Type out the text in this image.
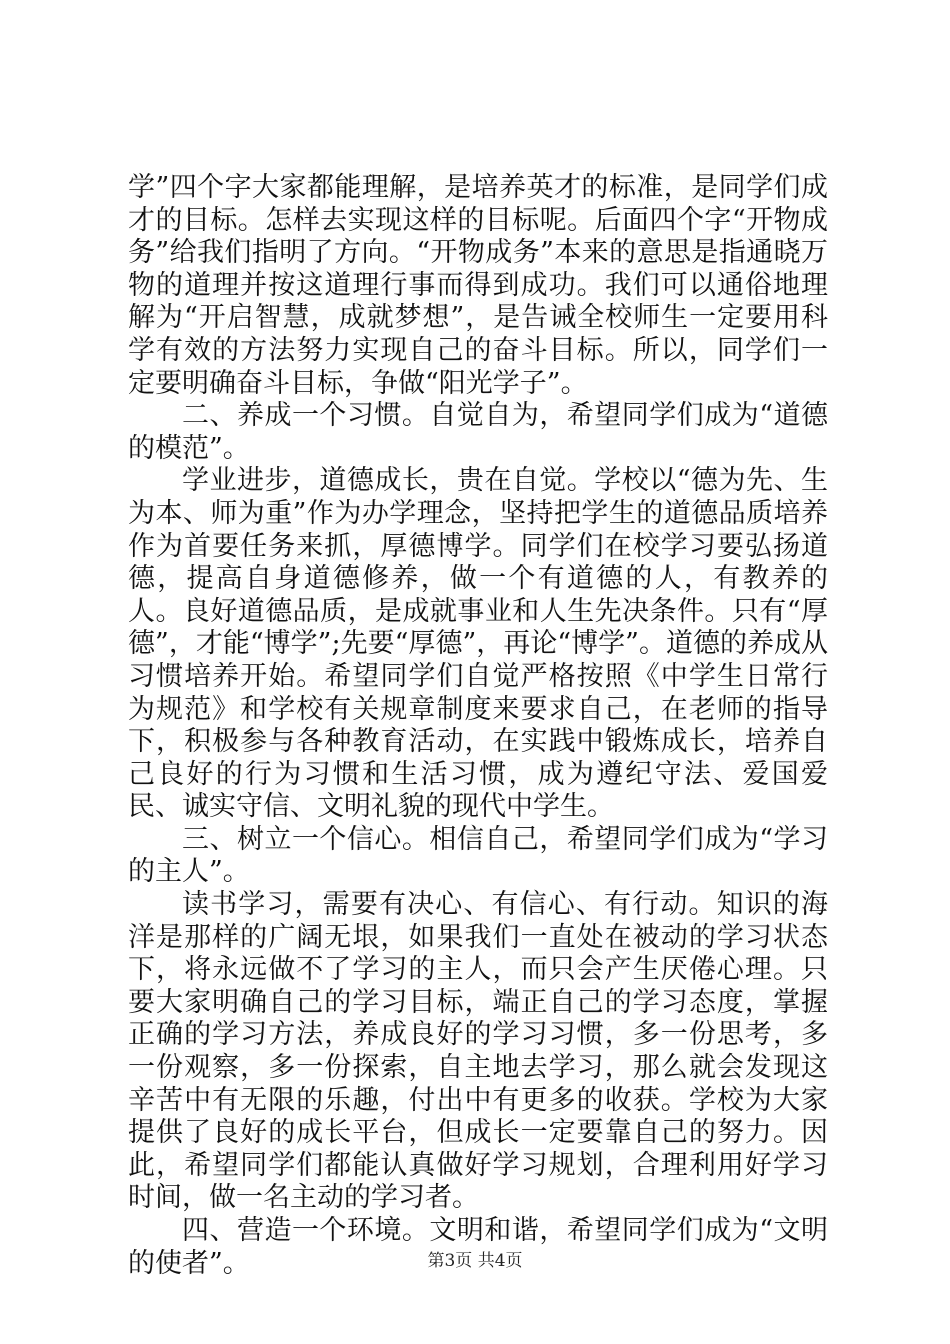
学”四个字大家都能理解，是培养英才的标准，是同学们成才的目标。怎样去实现这样的目标呢。后面四个字“开物成务”给我们指明了方向。“开物成务”本来的意思是指通晓万物的道理并按这道理行事而得到成功。我们可以通俗地理解为“开启智慧，成就梦想”，是告诫全校师生一定要用科学有效的方法努力实现自己的奋斗目标。所以，同学们一定要明确奋斗目标，争做“阳光学子”。

二、养成一个习惯。自觉自为，希望同学们成为“道德的模范”。

学业进步，道德成长，贵在自觉。学校以“德为先、生为本、师为重”作为办学理念，坚持把学生的道德品质培养作为首要任务来抓，厚德博学。同学们在校学习要弘扬道德，提高自身道德修养，做一个有道德的人，有教养的人。良好道德品质，是成就事业和人生先决条件。只有“厚德”，才能“博学”;先要“厚德”，再论“博学”。道德的养成从习惯培养开始。希望同学们自觉严格按照《中学生日常行为规范》和学校有关规章制度来要求自己，在老师的指导下，积极参与各种教育活动，在实践中锻炼成长，培养自己良好的行为习惯和生活习惯，成为遵纪守法、爱国爱民、诚实守信、文明礼貌的现代中学生。

三、树立一个信心。相信自己，希望同学们成为“学习的主人”。

读书学习，需要有决心、有信心、有行动。知识的海洋是那样的广阔无垠，如果我们一直处在被动的学习状态下，将永远做不了学习的主人，而只会产生厌倦心理。只要大家明确自己的学习目标，端正自己的学习态度，掌握正确的学习方法，养成良好的学习习惯，多一份思考，多一份观察，多一份探索，自主地去学习，那么就会发现这辛苦中有无限的乐趣，付出中有更多的收获。学校为大家提供了良好的成长平台，但成长一定要靠自己的努力。因此，希望同学们都能认真做好学习规划，合理利用好学习时间，做一名主动的学习者。

四、营造一个环境。文明和谐，希望同学们成为“文明的使者”。	第3页 共4页
